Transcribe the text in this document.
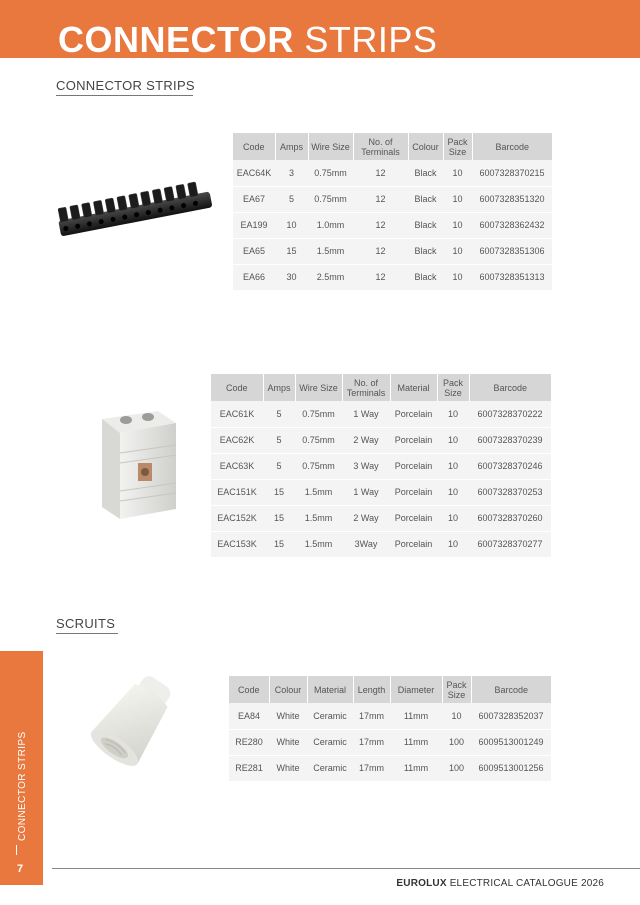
CONNECTOR STRIPS
CONNECTOR STRIPS
Code	Amps	Wire Size	No. of Terminals	Colour	Pack Size	Barcode
EAC64K	3	0.75mm	12	Black	10	6007328370215
EA67	5	0.75mm	12	Black	10	6007328351320
EA199	10	1.0mm	12	Black	10	6007328362432
EA65	15	1.5mm	12	Black	10	6007328351306
EA66	30	2.5mm	12	Black	10	6007328351313
Code	Amps	Wire Size	No. of Terminals	Material	Pack Size	Barcode
EAC61K	5	0.75mm	1 Way	Porcelain	10	6007328370222
EAC62K	5	0.75mm	2 Way	Porcelain	10	6007328370239
EAC63K	5	0.75mm	3 Way	Porcelain	10	6007328370246
EAC151K	15	1.5mm	1 Way	Porcelain	10	6007328370253
EAC152K	15	1.5mm	2 Way	Porcelain	10	6007328370260
EAC153K	15	1.5mm	3Way	Porcelain	10	6007328370277
SCRUITS
Code	Colour	Material	Length	Diameter	Pack Size	Barcode
EA84	White	Ceramic	17mm	11mm	10	6007328352037
RE280	White	Ceramic	17mm	11mm	100	6009513001249
RE281	White	Ceramic	17mm	11mm	100	6009513001256
CONNECTOR STRIPS
7
EUROLUX ELECTRICAL CATALOGUE 2026
